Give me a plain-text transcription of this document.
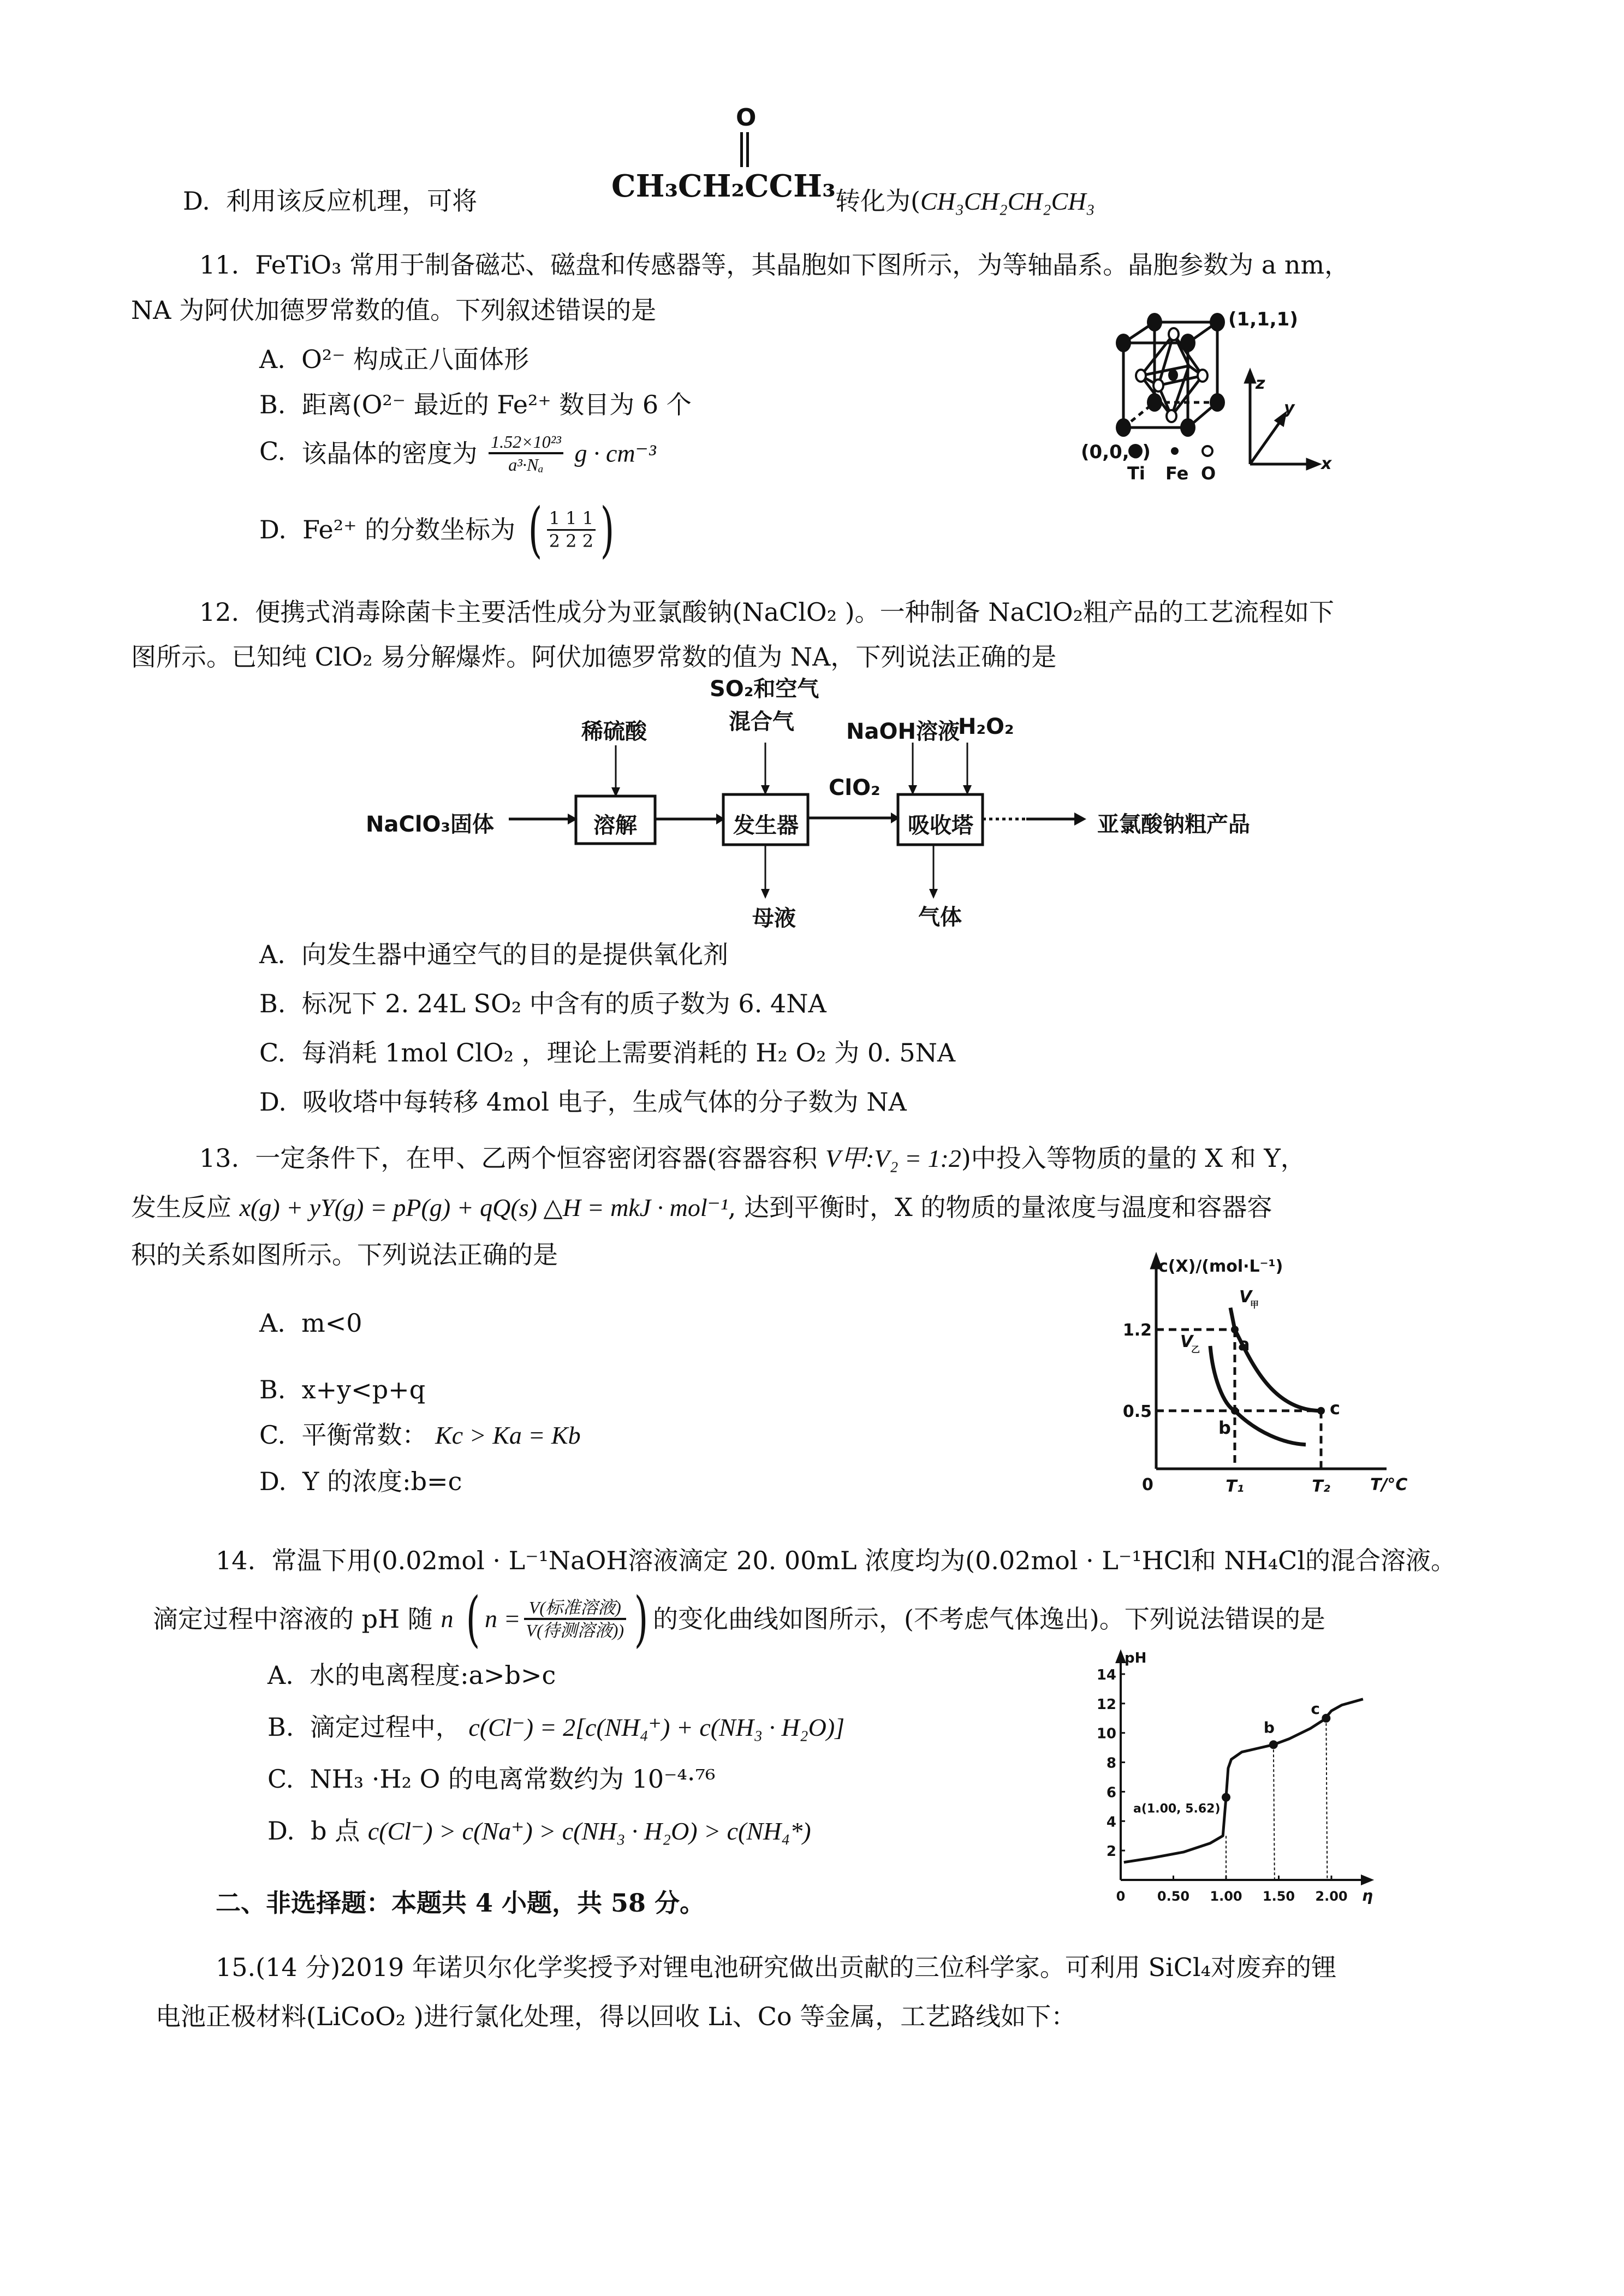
D. 利用该反应机理，可将
O
CH₃CH₂CCH₃ 转化为(CH₃CH₂CH₂CH₃
11. FeTiO₃ 常用于制备磁芯、磁盘和传感器等，其晶胞如下图所示，为等轴晶系。晶胞参数为 a nm，
NA 为阿伏加德罗常数的值。下列叙述错误的是
A. O²⁻ 构成正八面体形
B. 距离(O²⁻ 最近的 Fe²⁺ 数目为 6 个
C. 该晶体的密度为 $\frac{\text{1.52×10²³}}{\text{a³·Nₐ}}$ g · cm⁻³
D. Fe²⁺ 的分数坐标为 ( $\frac{1 1 1}{2 2 2}$ )
(1,1,1)
(0,0,0)
Ti Fe O
z
y
x
12. 便携式消毒除菌卡主要活性成分为亚氯酸钠(NaClO₂ )。一种制备 NaClO₂粗产品的工艺流程如下
图所示。已知纯 ClO₂ 易分解爆炸。阿伏加德罗常数的值为 NA，下列说法正确的是
NaClO₃固体	溶解
稀硫酸
发生器
SO₂和空气
混合气
母液
ClO₂
吸收塔
NaOH溶液
H₂O₂
气体
亚氯酸钠粗产品
A. 向发生器中通空气的目的是提供氧化剂
B. 标况下 2. 24L SO₂ 中含有的质子数为 6. 4NA
C. 每消耗 1mol ClO₂ ，理论上需要消耗的 H₂ O₂ 为 0. 5NA
D. 吸收塔中每转移 4mol 电子，生成气体的分子数为 NA
13. 一定条件下，在甲、乙两个恒容密闭容器(容器容积 V甲:V₂ = 1:2)中投入等物质的量的 X 和 Y，
发生反应 x(g) + yY(g) = pP(g) + qQ(s) △H = mkJ · mol⁻¹, 达到平衡时，X 的物质的量浓度与温度和容器容
积的关系如图所示。下列说法正确的是
A. m<0
B. x+y<p+q
C. 平衡常数： Kc > Ka = Kb
D. Y 的浓度:b=c
0.5
1.2
T₁	T₂
a
c
b
V
甲
V
乙
c(X)/(mol·L⁻¹)
0	T/°C
14. 常温下用(0.02mol · L⁻¹NaOH溶液滴定 20. 00mL 浓度均为(0.02mol · L⁻¹HCl和 NH₄Cl的混合溶液。
滴定过程中溶液的 pH 随 n ( $n = \frac{\text{V(标准溶液)}}{\text{V(待测溶液))}}$ ) 的变化曲线如图所示，(不考虑气体逸出)。下列说法错误的是
A. 水的电离程度:a>b>c
B. 滴定过程中， c(Cl⁻) = 2[c(NH₄⁺) + c(NH₃ · H₂O)]
C. NH₃ ·H₂ O 的电离常数约为 10⁻⁴·⁷⁶
D. b 点 c(Cl⁻) > c(Na⁺) > c(NH₃ · H₂O) > c(NH₄*)
2
4
6
8
10
12
14
0 0.50 1.00 1.50 2.00
a(1.00, 5.62)
b
c
pH
η
二、非选择题：本题共 4 小题，共 58 分。
15.(14 分)2019 年诺贝尔化学奖授予对锂电池研究做出贡献的三位科学家。可利用 SiCl₄对废弃的锂
电池正极材料(LiCoO₂ )进行氯化处理，得以回收 Li、Co 等金属，工艺路线如下：
